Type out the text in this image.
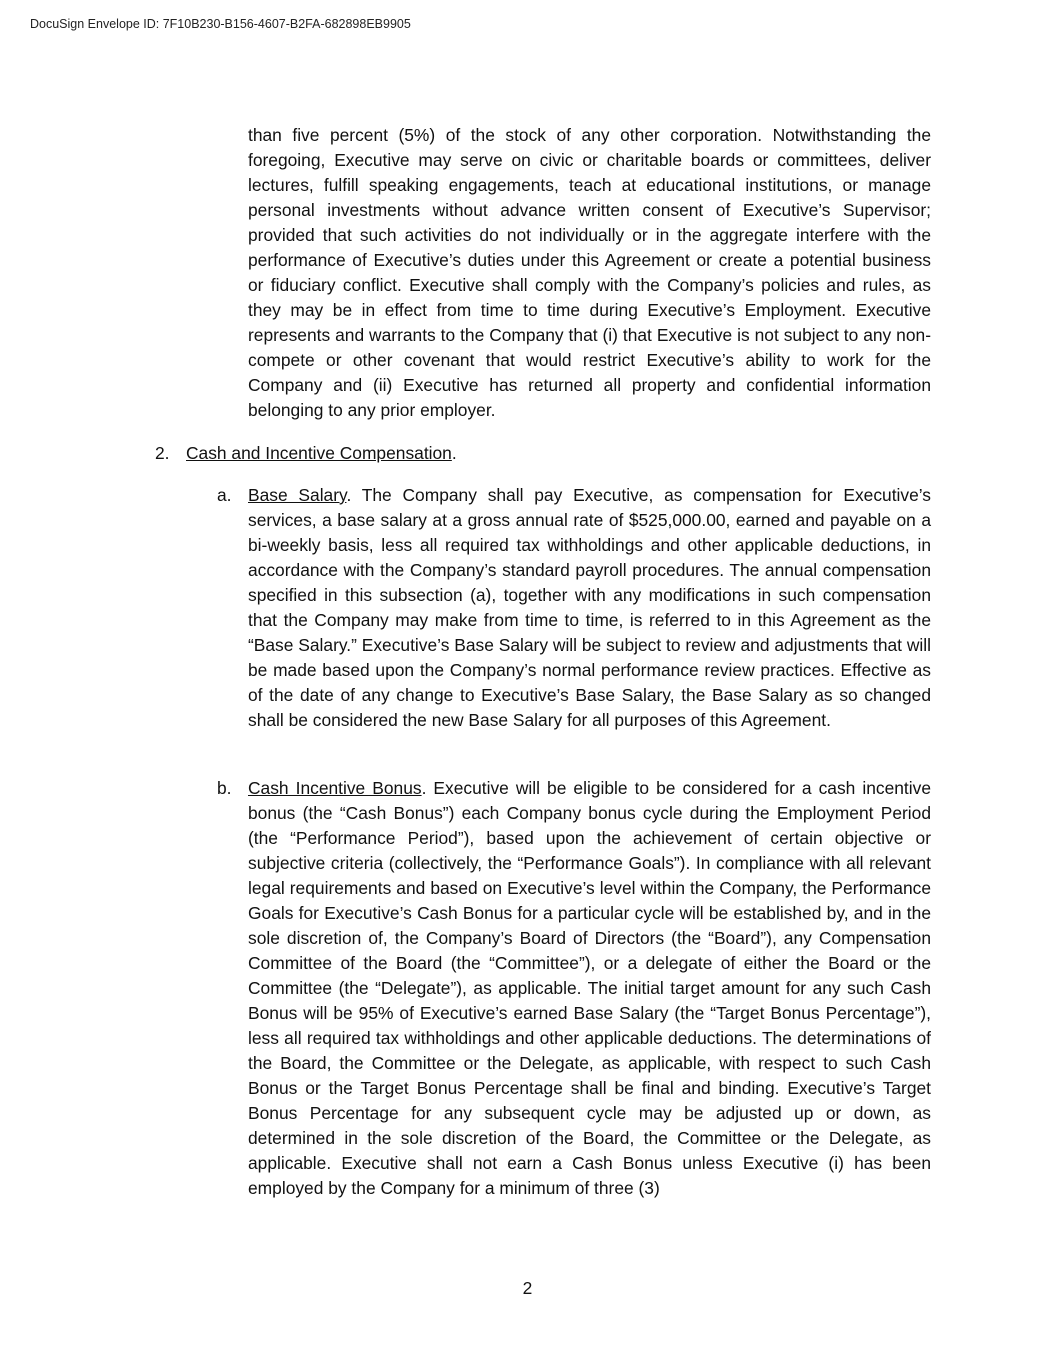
DocuSign Envelope ID: 7F10B230-B156-4607-B2FA-682898EB9905

than five percent (5%) of the stock of any other corporation. Notwithstanding the foregoing, Executive may serve on civic or charitable boards or committees, deliver lectures, fulfill speaking engagements, teach at educational institutions, or manage personal investments without advance written consent of Executive’s Supervisor; provided that such activities do not individually or in the aggregate interfere with the performance of Executive’s duties under this Agreement or create a potential business or fiduciary conflict. Executive shall comply with the Company’s policies and rules, as they may be in effect from time to time during Executive’s Employment. Executive represents and warrants to the Company that (i) that Executive is not subject to any non-compete or other covenant that would restrict Executive’s ability to work for the Company and (ii) Executive has returned all property and confidential information belonging to any prior employer.

2. Cash and Incentive Compensation.
a. Base Salary. The Company shall pay Executive, as compensation for Executive’s services, a base salary at a gross annual rate of $525,000.00, earned and payable on a bi-weekly basis, less all required tax withholdings and other applicable deductions, in accordance with the Company’s standard payroll procedures. The annual compensation specified in this subsection (a), together with any modifications in such compensation that the Company may make from time to time, is referred to in this Agreement as the “Base Salary.” Executive’s Base Salary will be subject to review and adjustments that will be made based upon the Company’s normal performance review practices. Effective as of the date of any change to Executive’s Base Salary, the Base Salary as so changed shall be considered the new Base Salary for all purposes of this Agreement.

b. Cash Incentive Bonus. Executive will be eligible to be considered for a cash incentive bonus (the “Cash Bonus”) each Company bonus cycle during the Employment Period (the “Performance Period”), based upon the achievement of certain objective or subjective criteria (collectively, the “Performance Goals”). In compliance with all relevant legal requirements and based on Executive’s level within the Company, the Performance Goals for Executive’s Cash Bonus for a particular cycle will be established by, and in the sole discretion of, the Company’s Board of Directors (the “Board”), any Compensation Committee of the Board (the “Committee”), or a delegate of either the Board or the Committee (the “Delegate”), as applicable. The initial target amount for any such Cash Bonus will be 95% of Executive’s earned Base Salary (the “Target Bonus Percentage”), less all required tax withholdings and other applicable deductions. The determinations of the Board, the Committee or the Delegate, as applicable, with respect to such Cash Bonus or the Target Bonus Percentage shall be final and binding. Executive’s Target Bonus Percentage for any subsequent cycle may be adjusted up or down, as determined in the sole discretion of the Board, the Committee or the Delegate, as applicable. Executive shall not earn a Cash Bonus unless Executive (i) has been employed by the Company for a minimum of three (3)

2
